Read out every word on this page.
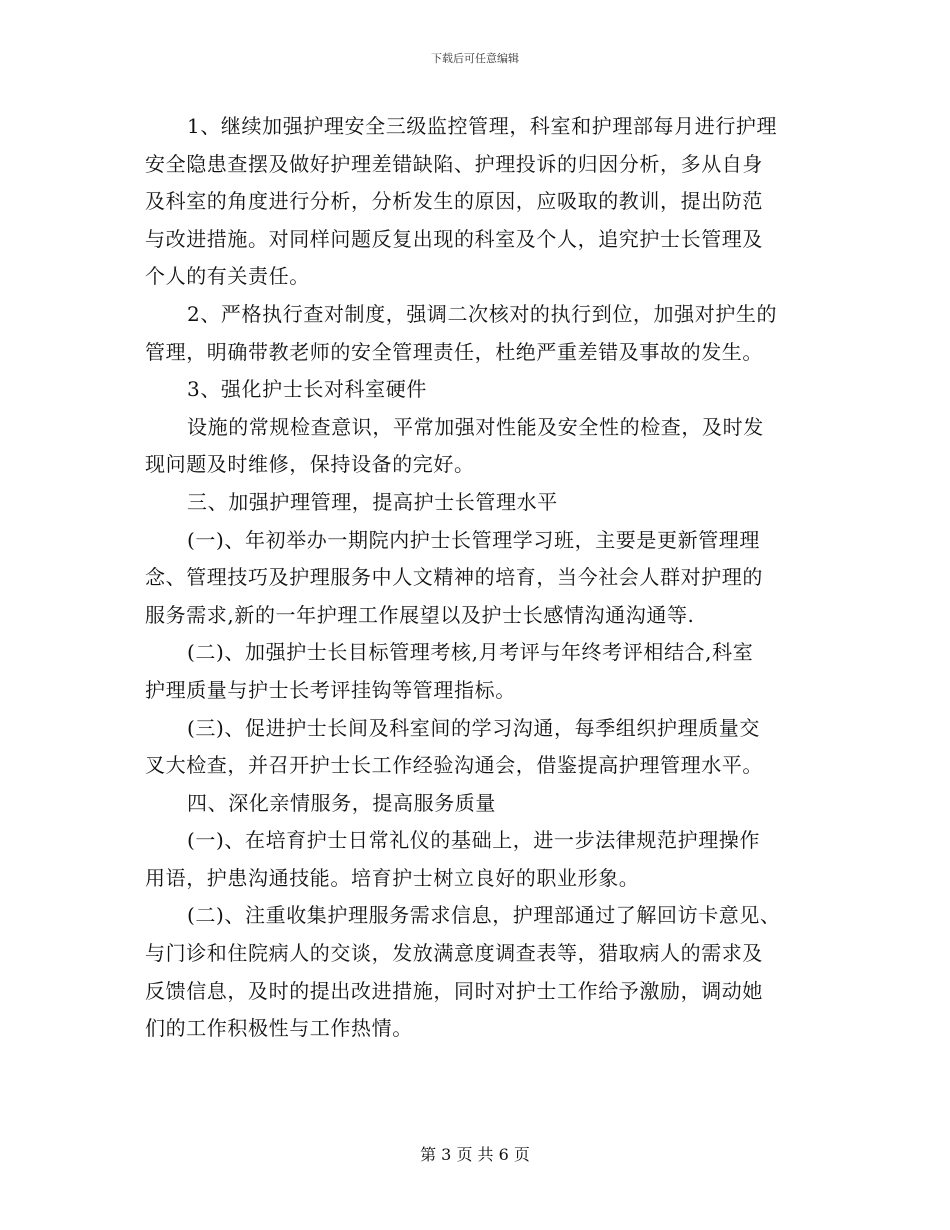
下载后可任意编辑
1、继续加强护理安全三级监控管理，科室和护理部每月进行护理
安全隐患查摆及做好护理差错缺陷、护理投诉的归因分析，多从自身
及科室的角度进行分析，分析发生的原因，应吸取的教训，提出防范
与改进措施。对同样问题反复出现的科室及个人，追究护士长管理及
个人的有关责任。
2、严格执行查对制度，强调二次核对的执行到位，加强对护生的
管理，明确带教老师的安全管理责任，杜绝严重差错及事故的发生。
3、强化护士长对科室硬件
设施的常规检查意识，平常加强对性能及安全性的检查，及时发
现问题及时维修，保持设备的完好。
三、加强护理管理，提高护士长管理水平
(一)、年初举办一期院内护士长管理学习班，主要是更新管理理
念、管理技巧及护理服务中人文精神的培育，当今社会人群对护理的
服务需求,新的一年护理工作展望以及护士长感情沟通沟通等.
(二)、加强护士长目标管理考核,月考评与年终考评相结合,科室
护理质量与护士长考评挂钩等管理指标。
(三)、促进护士长间及科室间的学习沟通，每季组织护理质量交
叉大检查，并召开护士长工作经验沟通会，借鉴提高护理管理水平。
四、深化亲情服务，提高服务质量
(一)、在培育护士日常礼仪的基础上，进一步法律规范护理操作
用语，护患沟通技能。培育护士树立良好的职业形象。
(二)、注重收集护理服务需求信息，护理部通过了解回访卡意见、
与门诊和住院病人的交谈，发放满意度调查表等，猎取病人的需求及
反馈信息，及时的提出改进措施，同时对护士工作给予激励，调动她
们的工作积极性与工作热情。
第 3 页 共 6 页
